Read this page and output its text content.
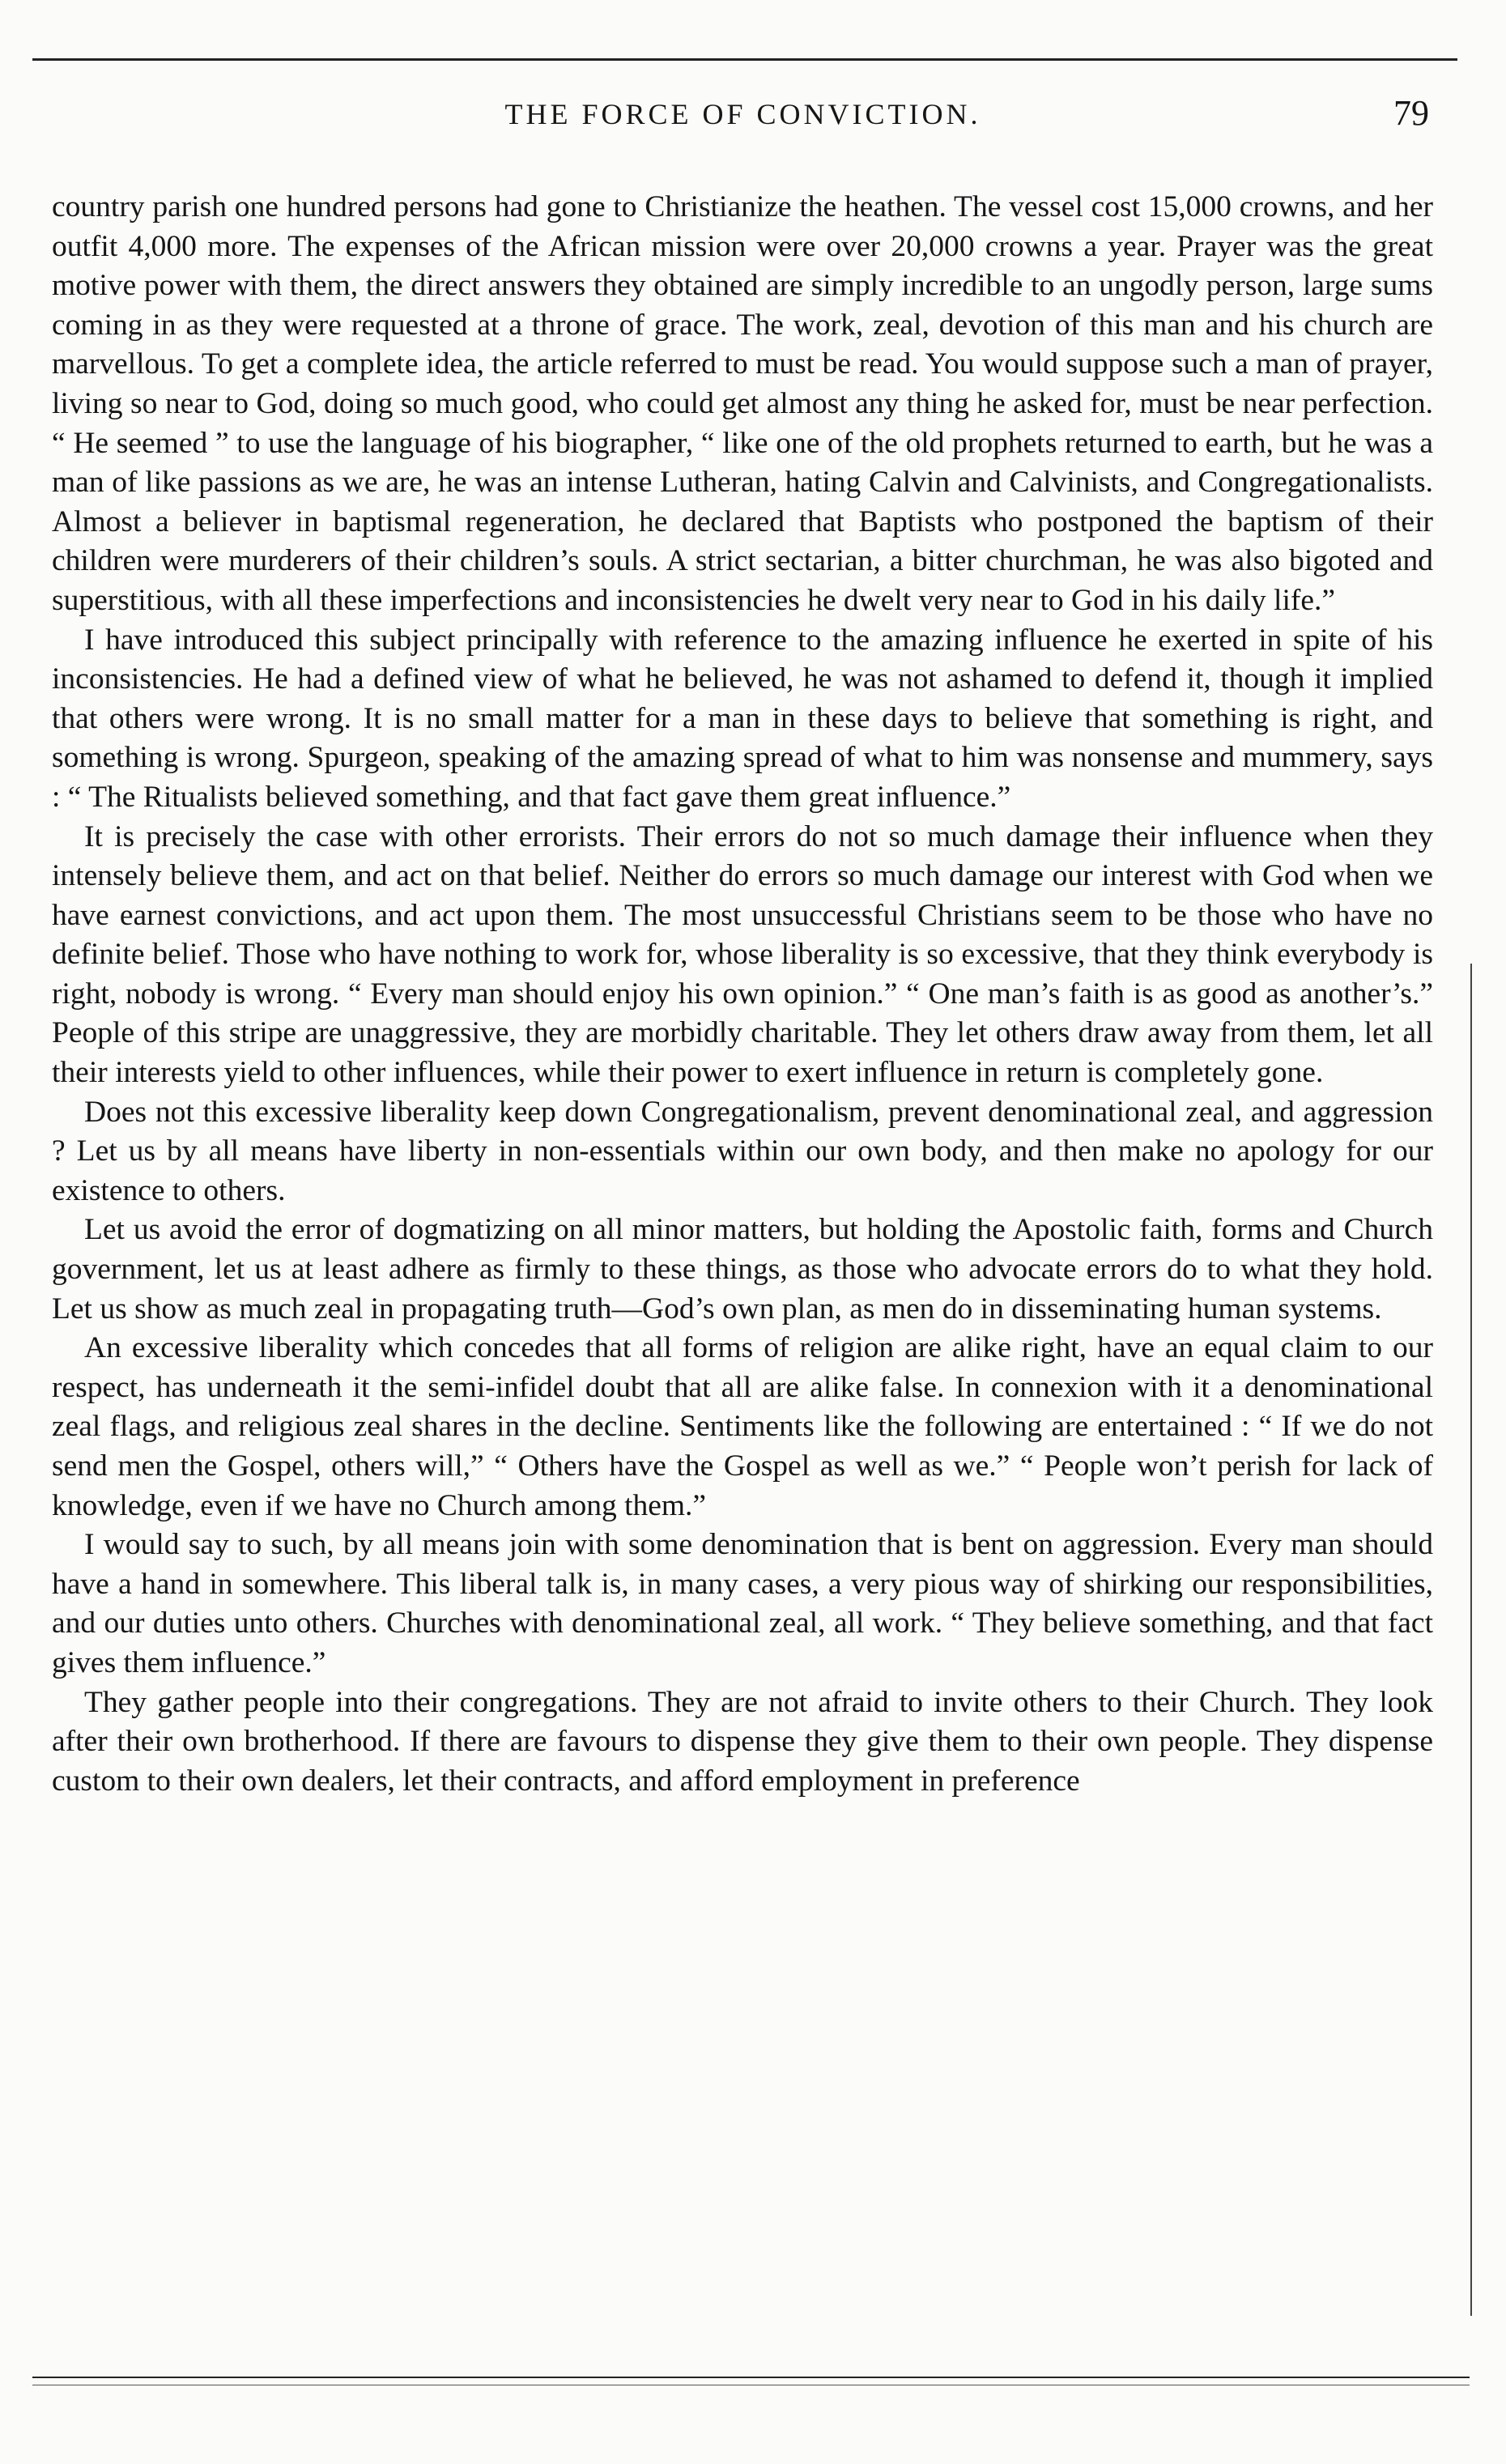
THE FORCE OF CONVICTION.	79

country parish one hundred persons had gone to Christianize the heathen. The vessel cost 15,000 crowns, and her outfit 4,000 more. The expenses of the African mission were over 20,000 crowns a year. Prayer was the great motive power with them, the direct answers they obtained are simply incredible to an ungodly person, large sums coming in as they were requested at a throne of grace. The work, zeal, devotion of this man and his church are marvellous. To get a complete idea, the article referred to must be read. You would suppose such a man of prayer, living so near to God, doing so much good, who could get almost any thing he asked for, must be near perfection. “ He seemed ” to use the language of his biographer, “ like one of the old prophets returned to earth, but he was a man of like passions as we are, he was an intense Lutheran, hating Calvin and Calvinists, and Congregationalists. Almost a believer in baptismal regeneration, he declared that Baptists who postponed the baptism of their children were murderers of their children’s souls. A strict sectarian, a bitter churchman, he was also bigoted and superstitious, with all these imperfections and inconsistencies he dwelt very near to God in his daily life.”

I have introduced this subject principally with reference to the amazing influence he exerted in spite of his inconsistencies. He had a defined view of what he believed, he was not ashamed to defend it, though it implied that others were wrong. It is no small matter for a man in these days to believe that something is right, and something is wrong. Spurgeon, speaking of the amazing spread of what to him was nonsense and mummery, says : “ The Ritualists believed something, and that fact gave them great influence.”

It is precisely the case with other errorists. Their errors do not so much damage their influence when they intensely believe them, and act on that belief. Neither do errors so much damage our interest with God when we have earnest convictions, and act upon them. The most unsuccessful Christians seem to be those who have no definite belief. Those who have nothing to work for, whose liberality is so excessive, that they think everybody is right, nobody is wrong. “ Every man should enjoy his own opinion.” “ One man’s faith is as good as another’s.” People of this stripe are unaggressive, they are morbidly charitable. They let others draw away from them, let all their interests yield to other influences, while their power to exert influence in return is completely gone.

Does not this excessive liberality keep down Congregationalism, prevent denominational zeal, and aggression ? Let us by all means have liberty in non-essentials within our own body, and then make no apology for our existence to others.

Let us avoid the error of dogmatizing on all minor matters, but holding the Apostolic faith, forms and Church government, let us at least adhere as firmly to these things, as those who advocate errors do to what they hold. Let us show as much zeal in propagating truth—God’s own plan, as men do in disseminating human systems.

An excessive liberality which concedes that all forms of religion are alike right, have an equal claim to our respect, has underneath it the semi-infidel doubt that all are alike false. In connexion with it a denominational zeal flags, and religious zeal shares in the decline. Sentiments like the following are entertained : “ If we do not send men the Gospel, others will,” “ Others have the Gospel as well as we.” “ People won’t perish for lack of knowledge, even if we have no Church among them.”

I would say to such, by all means join with some denomination that is bent on aggression. Every man should have a hand in somewhere. This liberal talk is, in many cases, a very pious way of shirking our responsibilities, and our duties unto others. Churches with denominational zeal, all work. “ They believe something, and that fact gives them influence.”

They gather people into their congregations. They are not afraid to invite others to their Church. They look after their own brotherhood. If there are favours to dispense they give them to their own people. They dispense custom to their own dealers, let their contracts, and afford employment in preference
